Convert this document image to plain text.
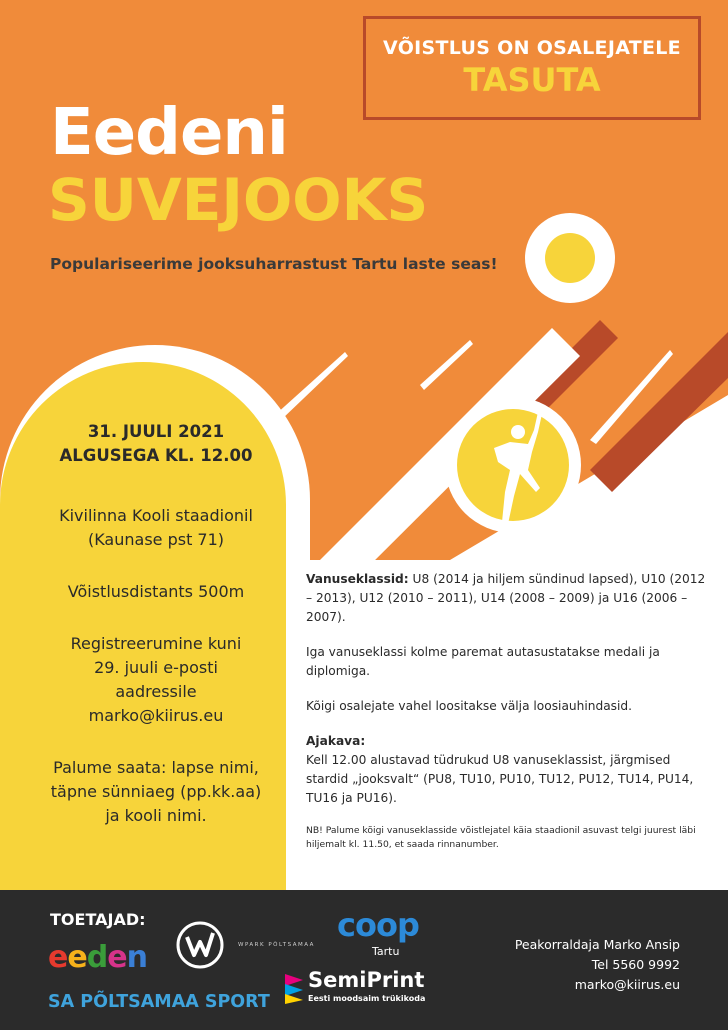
VÕISTLUS ON OSALEJATELE
TASUTA
Eedeni
SUVEJOOKS
Populariseerime jooksuharrastust Tartu laste seas!
31. JUULI 2021
ALGUSEGA KL. 12.00
Kivilinna Kooli staadionil
(Kaunase pst 71)
Võistlusdistants 500m
Registreerumine kuni
29. juuli e-posti
aadressile
marko@kiirus.eu
Palume saata: lapse nimi,
täpne sünniaeg (pp.kk.aa)
ja kooli nimi.

Vanuseklassid: U8 (2014 ja hiljem sündinud lapsed), U10 (2012 – 2013), U12 (2010 – 2011), U14 (2008 – 2009) ja U16 (2006 – 2007).

Iga vanuseklassi kolme paremat autasustatakse medali ja diplomiga.

Kõigi osalejate vahel loositakse välja loosiauhindasid.

Ajakava:
Kell 12.00 alustavad tüdrukud U8 vanuseklassist, järgmised stardid „jooksvalt“ (PU8, TU10, PU10, TU12, PU12, TU14, PU14, TU16 ja PU16).

NB! Palume kõigi vanuseklasside võistlejatel käia staadionil asuvast telgi juurest läbi hiljemalt kl. 11.50, et saada rinnanumber.

TOETAJAD:
eeden
SA PÕLTSAMAA SPORT
WPARK PÕLTSAMAA
coop
Tartu
SemiPrint
Eesti moodsaim trükikoda
Peakorraldaja Marko Ansip
Tel 5560 9992
marko@kiirus.eu
